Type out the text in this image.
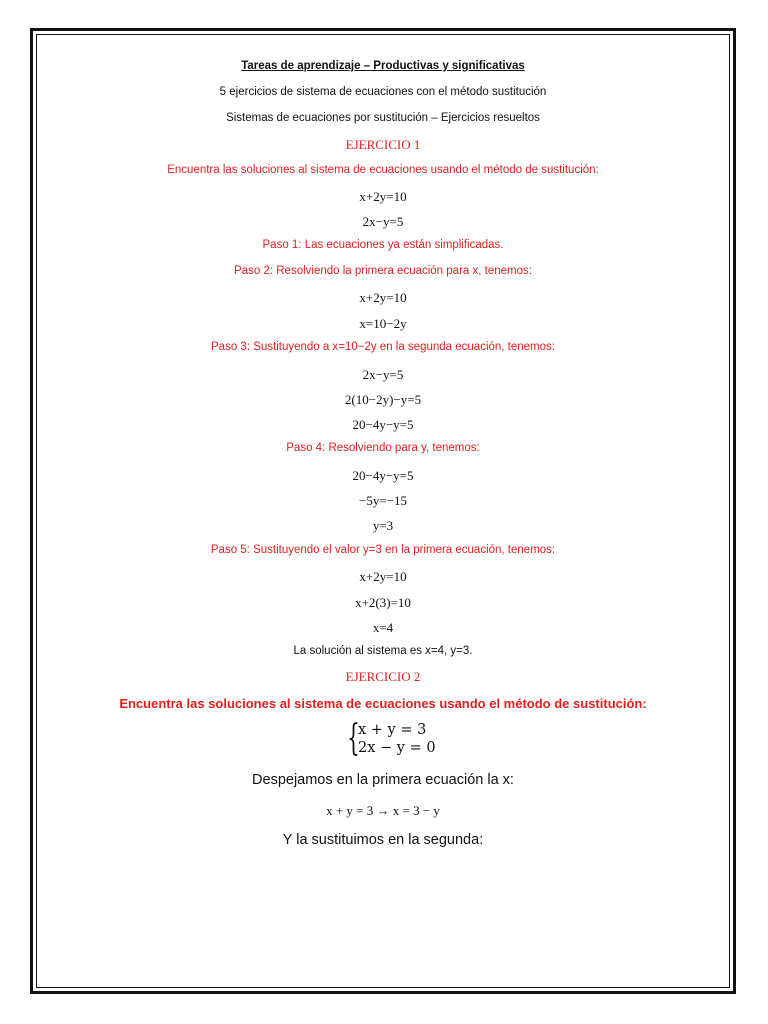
Tareas de aprendizaje – Productivas y significativas
5 ejercicios de sistema de ecuaciones con el método sustitución
Sistemas de ecuaciones por sustitución – Ejercicios resueltos
EJERCICIO 1
Encuentra las soluciones al sistema de ecuaciones usando el método de sustitución:
x+2y=10
2x−y=5
Paso 1: Las ecuaciones ya están simplificadas.
Paso 2: Resolviendo la primera ecuación para x, tenemos:
x+2y=10
x=10−2y
Paso 3: Sustituyendo a x=10−2y en la segunda ecuación, tenemos:
2x−y=5
2(10−2y)−y=5
20−4y−y=5
Paso 4: Resolviendo para y, tenemos:
20−4y−y=5
−5y=−15
y=3
Paso 5: Sustituyendo el valor y=3 en la primera ecuación, tenemos:
x+2y=10
x+2(3)=10
x=4
La solución al sistema es x=4, y=3.
EJERCICIO 2
Encuentra las soluciones al sistema de ecuaciones usando el método de sustitución:
{
x + y = 3
2x − y = 0
Despejamos en la primera ecuación la x:
x + y = 3 → x = 3 − y
Y la sustituimos en la segunda:
